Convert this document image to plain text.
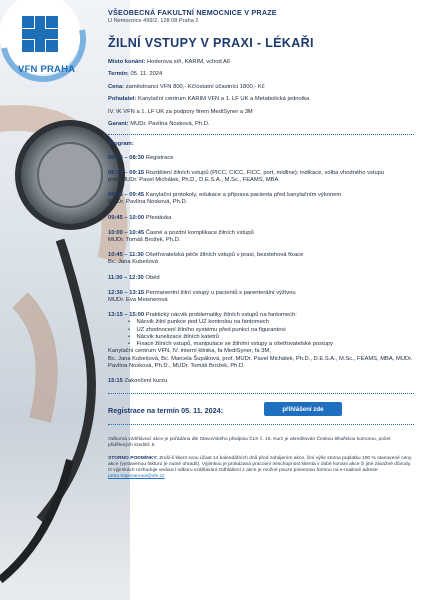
VFN PRAHA
VŠEOBECNÁ FAKULTNÍ NEMOCNICE V PRAZE
U Nemocnice 499/2, 128 08 Praha 2
ŽILNÍ VSTUPY V PRAXI - LÉKAŘI

Místo konání: Hoderova síň, KARIM, vchod A6

Termín: 05. 11. 2024

Cena: zaměstnanci VFN 800,- Kč/ostatní účastníci 1800,- Kč

Pořadatel: Kanylační centrum KARIM VFN a 1. LF UK a Metabolická jednotka

IV. IK VFN a 1. LF UK za podpory firem MediSyner a 3M

Garant: MUDr. Pavlína Nosková, Ph.D.

Program:
08:15 – 08:30 Registrace
08:30 – 09:15 Rozdělení žilních vstupů (PICC, CICC, FICC, port, midline); indikace, volba vhodného vstupu
prof. MUDr. Pavel Michálek, Ph.D., D.E.S.A., M.Sc., FEAMS, MBA
09:15 – 09:45 Kanylační protokoly, edukace a příprava pacienta před kanylačním výkonem
MUDr. Pavlína Nosková, Ph.D.
09:45 – 10:00 Přestávka
10:00 – 10:45 Časné a pozdní komplikace žilních vstupů
MUDr. Tomáš Brožek, Ph.D.
10:45 – 11:30 Ošetřovatelská péče žilních vstupů v praxi, bezstehová fixace
Bc. Jana Kubešová
11:30 – 12:30 Oběd
12:30 – 13:15 Permanentní žilní vstupy u pacientů s parenterální výživou
MUDr. Eva Meisnerová
13:15 – 15:00 Praktický nácvik problematiky žilních vstupů na fantomech:
• Nácvik žilní punkce pod UZ kontrolou na fantomech
• UZ zhodnocení žilního systému před punkcí na figurantovi
• Nácvik tunelizace žilních katetrů
• Fixace žilních vstupů, manipulace se žilními vstupy a ošetřovatelské postupy
Kanylační centrum VFN, IV. interní klinika, fa MediSyner, fa 3M,
Bc. Jana Kubešová, Bc. Marcela Šupáková, prof. MUDr. Pavel Michálek, Ph.D., D.E.S.A., M.Sc., FEAMS, MBA, MUDr. Pavlína Nosková, Ph.D., MUDr. Tomáš Brožek, Ph.D.
15:15 Zakončení kurzu
Registrace na termín 05. 11. 2024:	přihlášení zde

Odborná vzdělávací akce je pořádána dle Stavovského předpisu ČLK č. 16. Kurz je akreditován Českou lékařskou komorou, počet přidělených kreditů: 6

STORNO PODMÍNKY: Zruší-li klient svou účast 14 kalendářních dnů před zahájením akce, činí výše storna poplatku 100 % stanovené ceny akce (vystavenou fakturu je nutné uhradit). Výjimkou je prokázaná pracovní neschopnost klienta v době konání akce či jiné závažné důvody. O výjimkách rozhoduje vedoucí odboru vzdělávání.Odhlášení z akce je možné pouze písemnou formou na e-mailové adrese: petra.hajsmanova@vfn.cz
